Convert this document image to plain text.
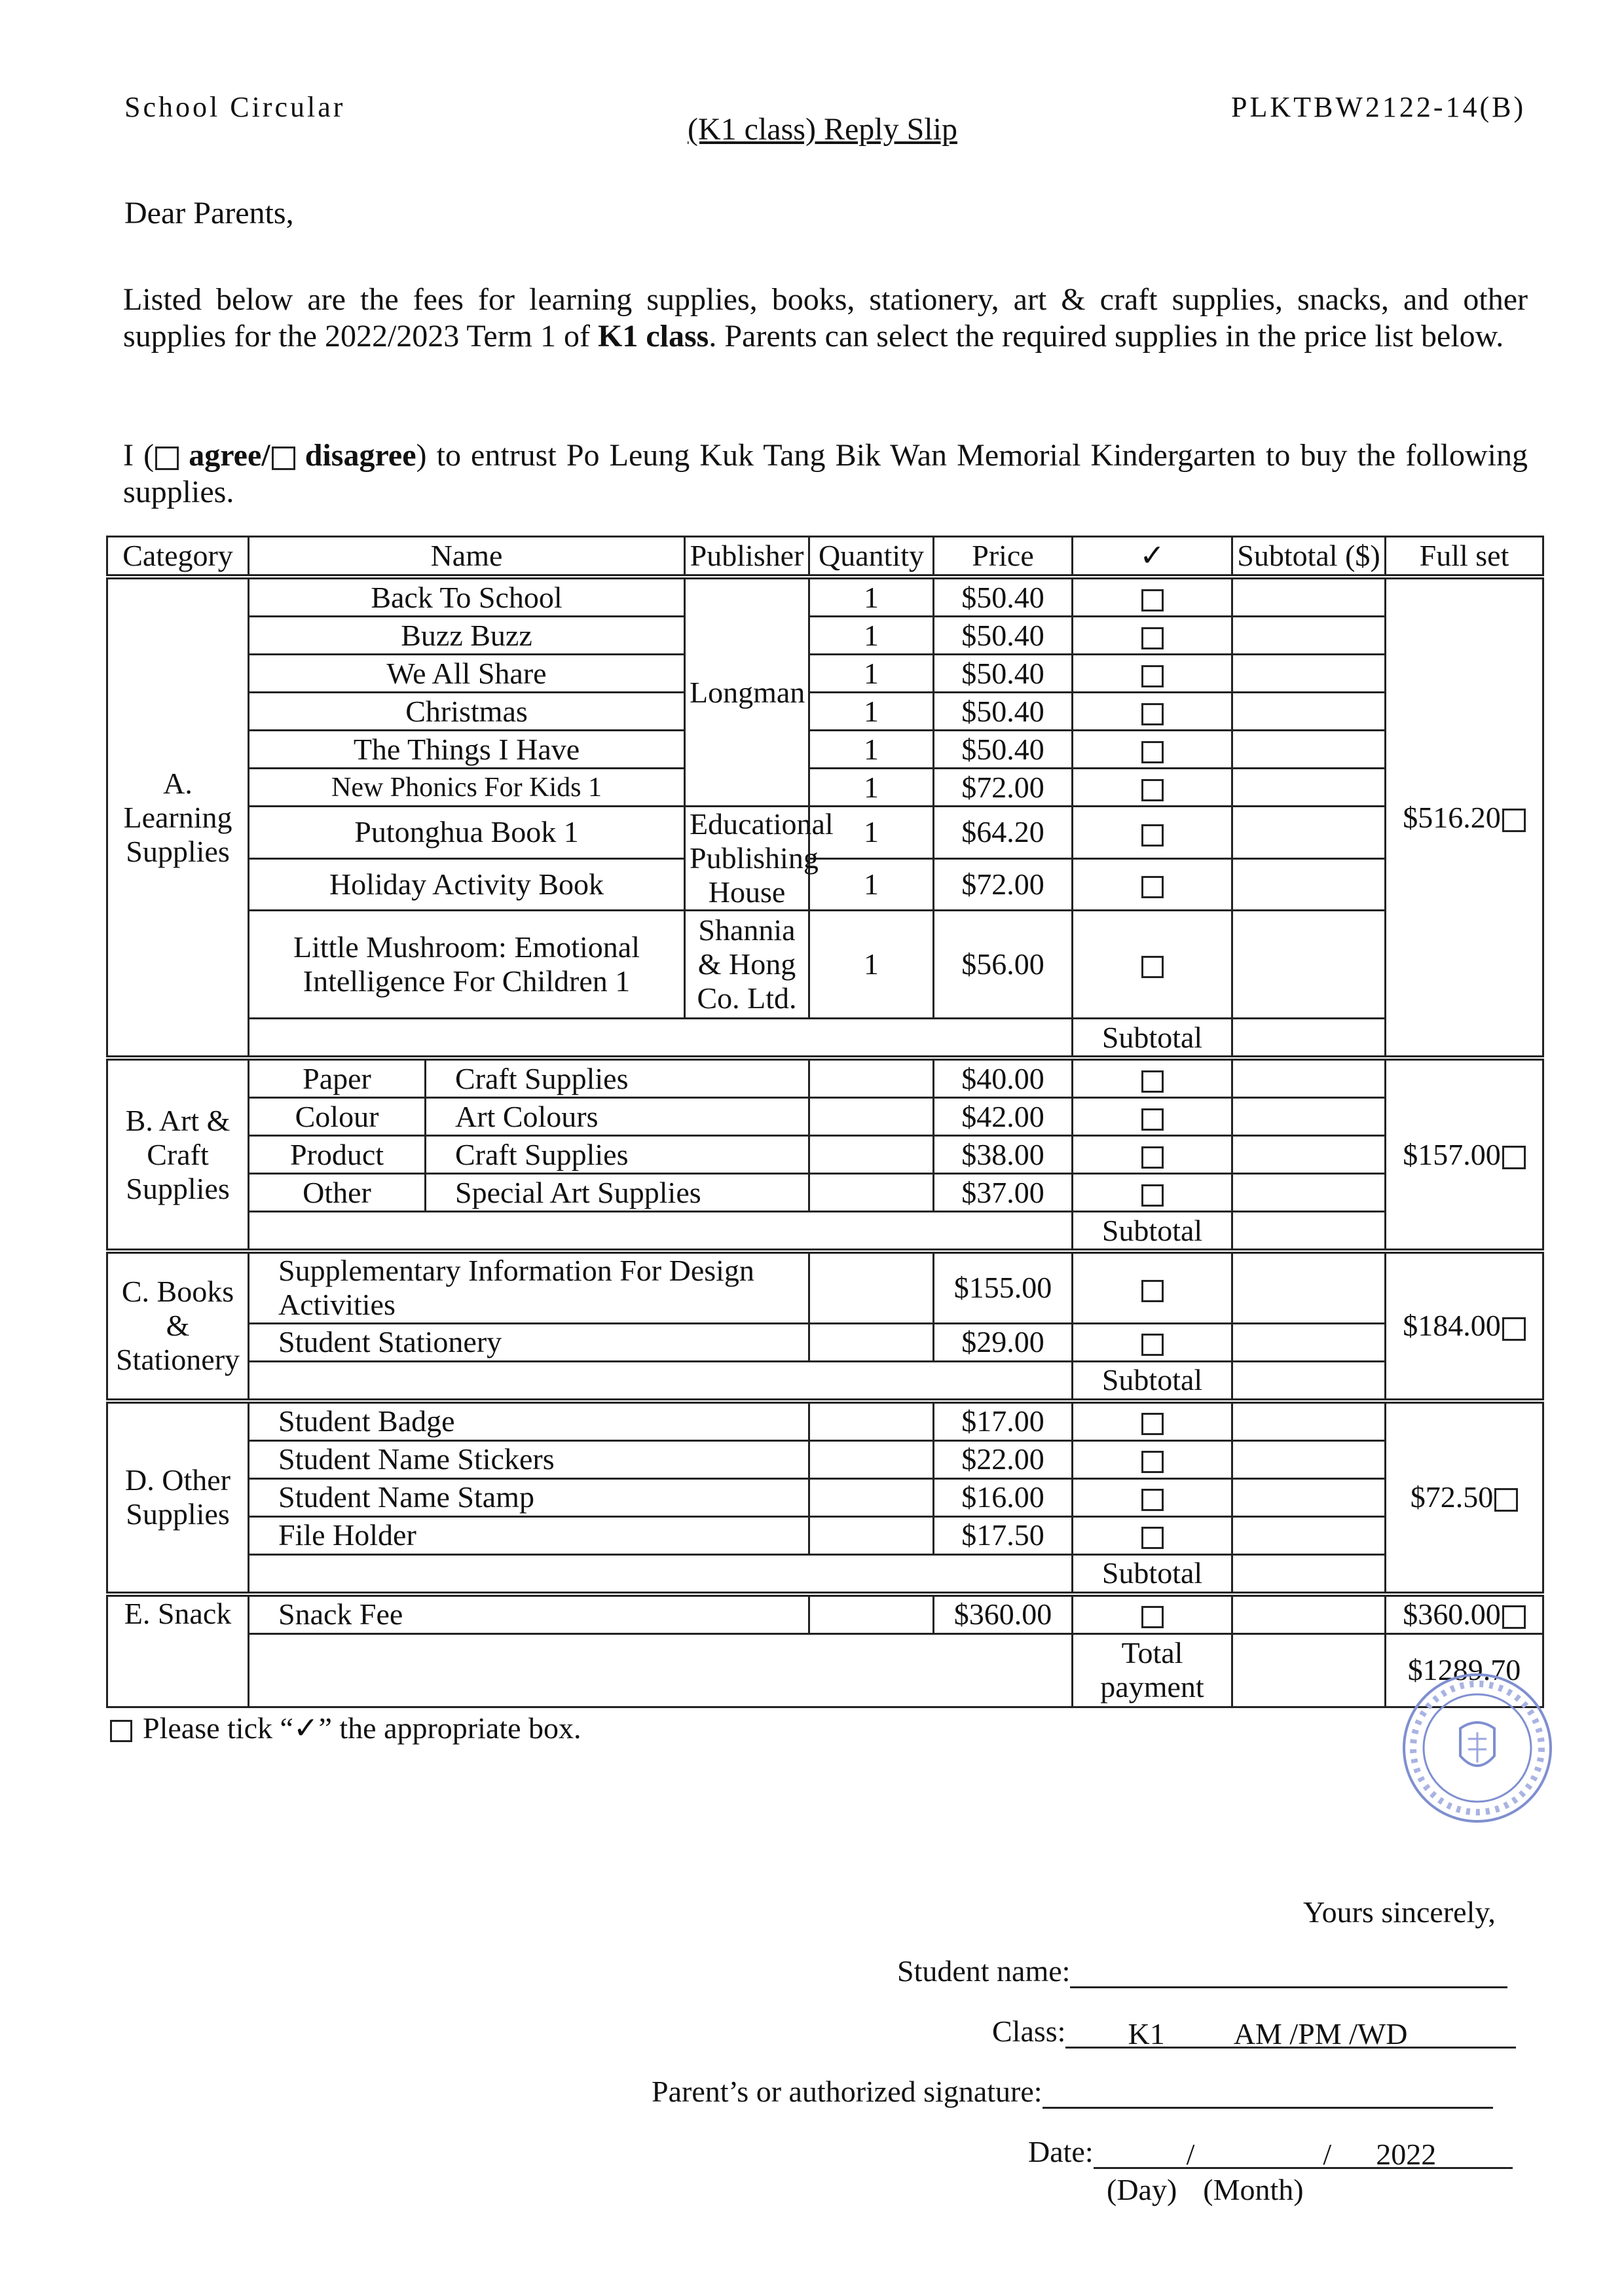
School Circular
(K1 class) Reply Slip
PLKTBW2122-14(B)
Dear Parents,
Listed below are the fees for learning supplies, books, stationery, art & craft supplies, snacks, and other supplies for the 2022/2023 Term 1 of K1 class. Parents can select the required supplies in the price list below.
I ( agree/ disagree) to entrust Po Leung Kuk Tang Bik Wan Memorial Kindergarten to buy the following supplies.
Category	Name		Publisher	Quantity	Price	✓	Subtotal ($)	Full set
A. Learning Supplies	Back To School		Longman	1	$50.40			$516.20
	Buzz Buzz			1	$50.40			
	We All Share			1	$50.40			
	Christmas			1	$50.40			
	The Things I Have			1	$50.40			
	New Phonics For Kids 1			1	$72.00			
	Putonghua Book 1		Educational Publishing House	1	$64.20			
	Holiday Activity Book			1	$72.00			
	Little Mushroom: Emotional Intelligence For Children 1		Shannia & Hong Co. Ltd.	1	$56.00			
						Subtotal		
B. Art & Craft Supplies	Paper	Craft Supplies			$40.00			$157.00
	Colour	Art Colours			$42.00			
	Product	Craft Supplies			$38.00			
	Other	Special Art Supplies			$37.00			
						Subtotal		
C. Books & Stationery	Supplementary Information For Design Activities				$155.00			$184.00
	Student Stationery				$29.00			
						Subtotal		
D. Other Supplies	Student Badge				$17.00			$72.50
	Student Name Stickers				$22.00			
	Student Name Stamp				$16.00			
	File Holder				$17.50			
						Subtotal		
E. Snack	Snack Fee				$360.00			$360.00
						Total payment		$1289.70
Please tick “✓” the appropriate box.
Yours sincerely,
Student name:
Class: K1 AM /PM /WD
Parent’s or authorized signature:
Date:	/	/ 2022
(Day) (Month)
